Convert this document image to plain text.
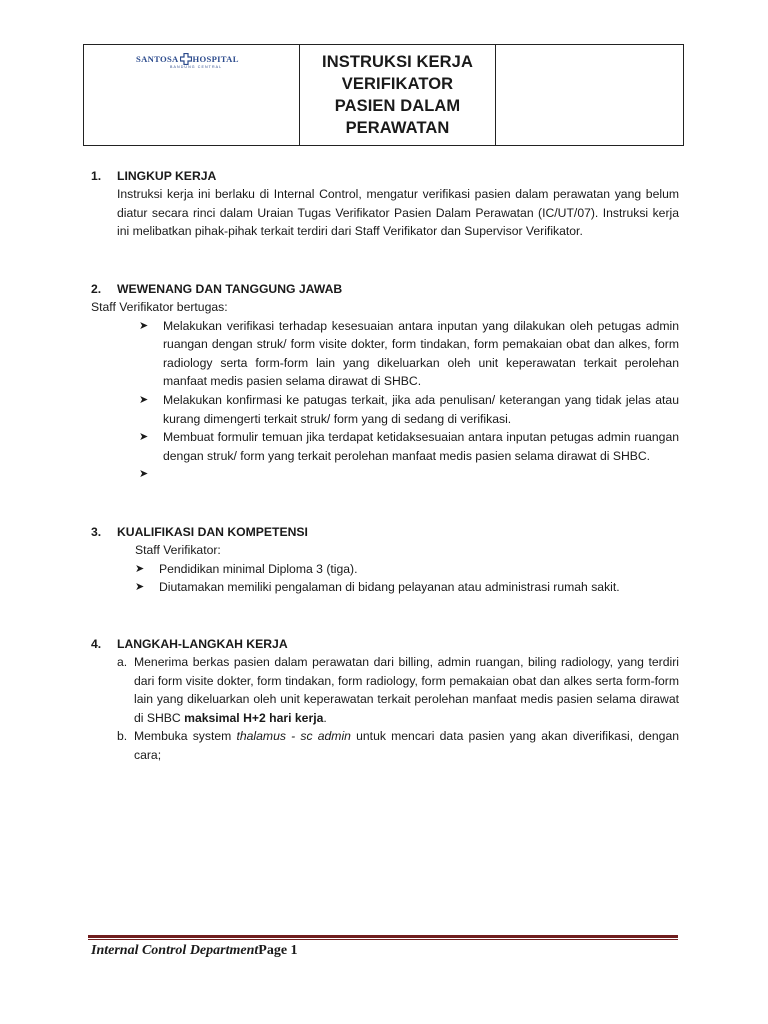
SANTOSA HOSPITAL
BANDUNG CENTRAL	INSTRUKSI KERJA
VERIFIKATOR
PASIEN DALAM
PERAWATAN
1. LINGKUP KERJA
Instruksi kerja ini berlaku di Internal Control, mengatur verifikasi pasien dalam perawatan yang belum diatur secara rinci dalam Uraian Tugas Verifikator Pasien Dalam Perawatan (IC/UT/07). Instruksi kerja ini melibatkan pihak-pihak terkait terdiri dari Staff Verifikator dan Supervisor Verifikator.
2. WEWENANG DAN TANGGUNG JAWAB
Staff Verifikator bertugas:
➤ Melakukan verifikasi terhadap kesesuaian antara inputan yang dilakukan oleh petugas admin ruangan dengan struk/ form visite dokter, form tindakan, form pemakaian obat dan alkes, form radiology serta form-form lain yang dikeluarkan oleh unit keperawatan terkait perolehan manfaat medis pasien selama dirawat di SHBC.
➤ Melakukan konfirmasi ke patugas terkait, jika ada penulisan/ keterangan yang tidak jelas atau kurang dimengerti terkait struk/ form yang di sedang di verifikasi.
➤ Membuat formulir temuan jika terdapat ketidaksesuaian antara inputan petugas admin ruangan dengan struk/ form yang terkait perolehan manfaat medis pasien selama dirawat di SHBC.
➤
3. KUALIFIKASI DAN KOMPETENSI
Staff Verifikator:
➤ Pendidikan minimal Diploma 3 (tiga).
➤ Diutamakan memiliki pengalaman di bidang pelayanan atau administrasi rumah sakit.
4. LANGKAH-LANGKAH KERJA
a. Menerima berkas pasien dalam perawatan dari billing, admin ruangan, biling radiology, yang terdiri dari form visite dokter, form tindakan, form radiology, form pemakaian obat dan alkes serta form-form lain yang dikeluarkan oleh unit keperawatan terkait perolehan manfaat medis pasien selama dirawat di SHBC maksimal H+2 hari kerja.
b. Membuka system thalamus - sc admin untuk mencari data pasien yang akan diverifikasi, dengan cara;
Internal Control DepartmentPage 1
